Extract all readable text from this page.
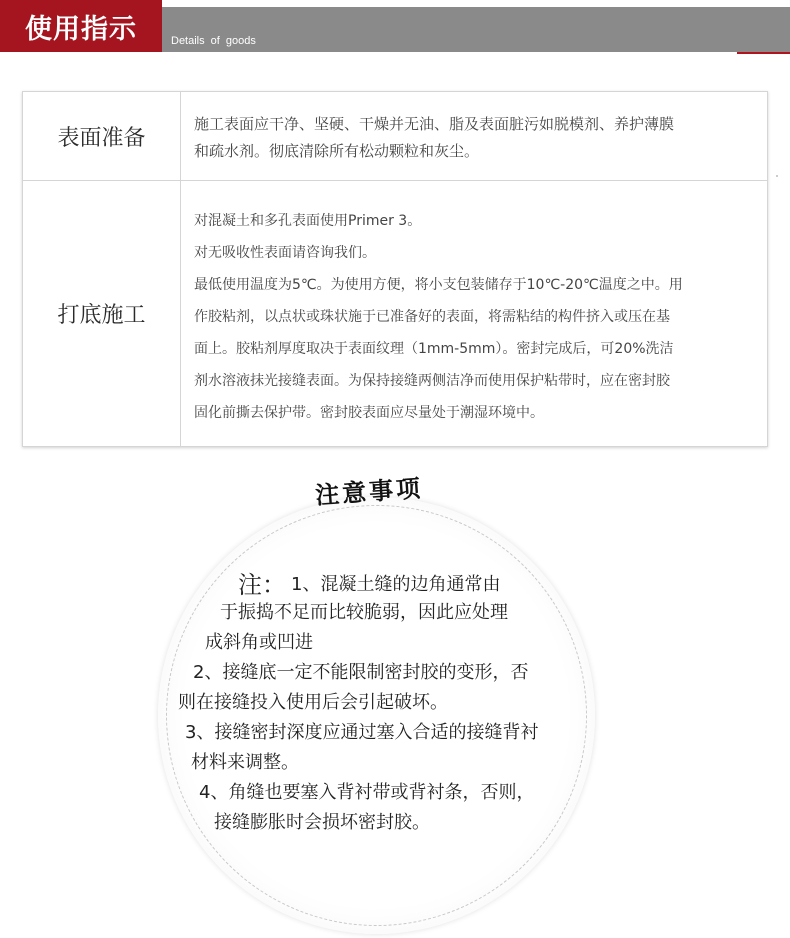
使用指示	Details of goods
表面准备
施工表面应干净、坚硬、干燥并无油、脂及表面脏污如脱模剂、养护薄膜
和疏水剂。彻底清除所有松动颗粒和灰尘。
打底施工
对混凝土和多孔表面使用Primer 3。
对无吸收性表面请咨询我们。
最低使用温度为5℃。为使用方便，将小支包装储存于10℃-20℃温度之中。用
作胶粘剂，以点状或珠状施于已准备好的表面，将需粘结的构件挤入或压在基
面上。胶粘剂厚度取决于表面纹理（1mm-5mm）。密封完成后，可20%洗洁
剂水溶液抹光接缝表面。为保持接缝两侧洁净而使用保护粘带时，应在密封胶
固化前撕去保护带。密封胶表面应尽量处于潮湿环境中。
注意事项
注： 1、混凝土缝的边角通常由
于振捣不足而比较脆弱，因此应处理
成斜角或凹进
2、接缝底一定不能限制密封胶的变形，否
则在接缝投入使用后会引起破坏。
3、接缝密封深度应通过塞入合适的接缝背衬
材料来调整。
4、角缝也要塞入背衬带或背衬条，否则，
接缝膨胀时会损坏密封胶。
